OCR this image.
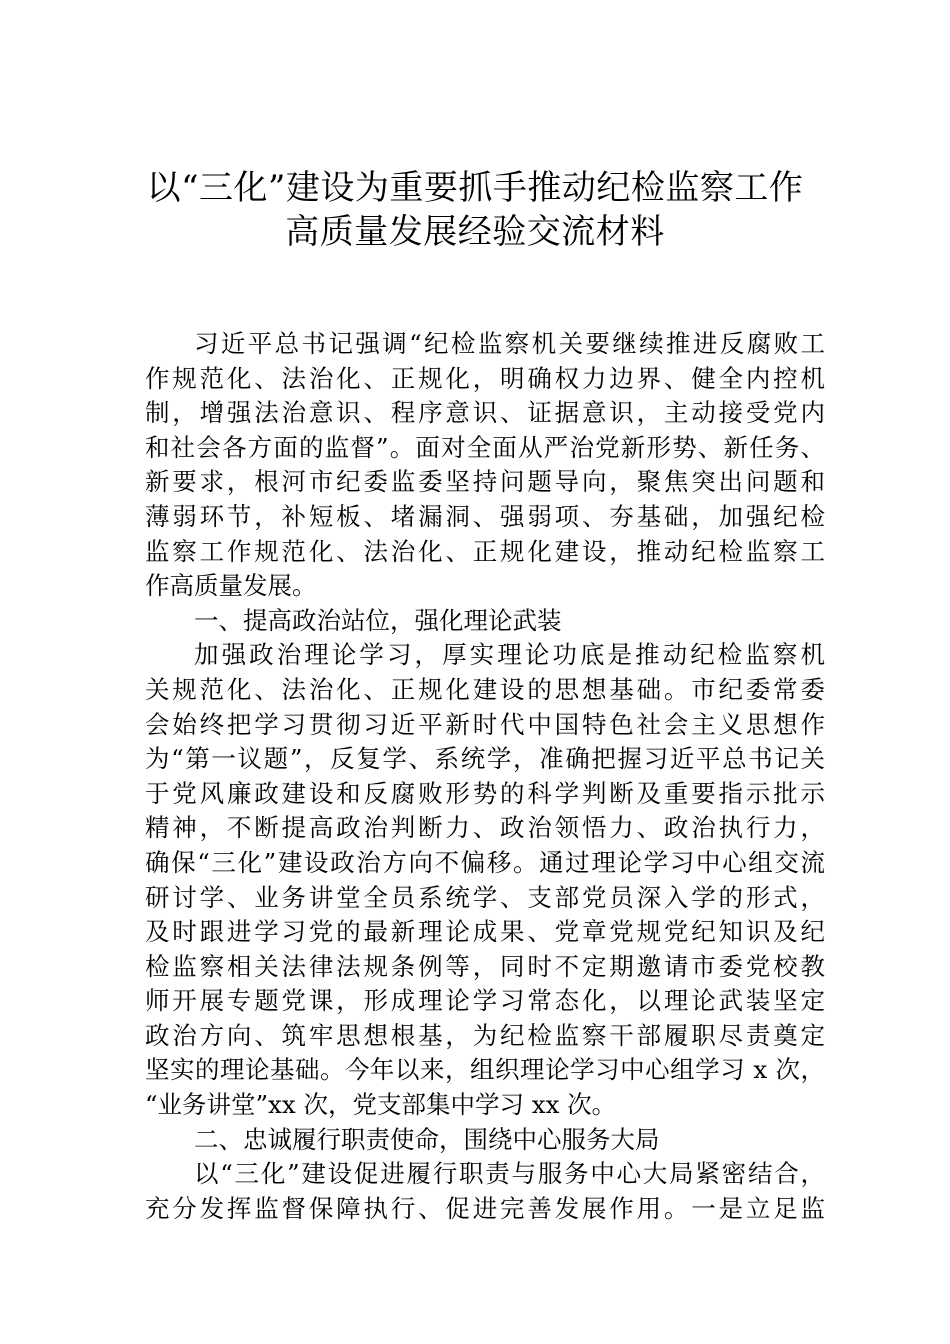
以“三化”建设为重要抓手推动纪检监察工作
高质量发展经验交流材料
习近平总书记强调“纪检监察机关要继续推进反腐败工
作规范化、法治化、正规化，明确权力边界、健全内控机
制，增强法治意识、程序意识、证据意识，主动接受党内
和社会各方面的监督”。面对全面从严治党新形势、新任务、
新要求，根河市纪委监委坚持问题导向，聚焦突出问题和
薄弱环节，补短板、堵漏洞、强弱项、夯基础，加强纪检
监察工作规范化、法治化、正规化建设，推动纪检监察工
作高质量发展。
一、提高政治站位，强化理论武装
加强政治理论学习，厚实理论功底是推动纪检监察机
关规范化、法治化、正规化建设的思想基础。市纪委常委
会始终把学习贯彻习近平新时代中国特色社会主义思想作
为“第一议题”，反复学、系统学，准确把握习近平总书记关
于党风廉政建设和反腐败形势的科学判断及重要指示批示
精神，不断提高政治判断力、政治领悟力、政治执行力，
确保“三化”建设政治方向不偏移。通过理论学习中心组交流
研讨学、业务讲堂全员系统学、支部党员深入学的形式，
及时跟进学习党的最新理论成果、党章党规党纪知识及纪
检监察相关法律法规条例等，同时不定期邀请市委党校教
师开展专题党课，形成理论学习常态化，以理论武装坚定
政治方向、筑牢思想根基，为纪检监察干部履职尽责奠定
坚实的理论基础。今年以来，组织理论学习中心组学习 x 次，
“业务讲堂”xx 次，党支部集中学习 xx 次。
二、忠诚履行职责使命，围绕中心服务大局
以“三化”建设促进履行职责与服务中心大局紧密结合，
充分发挥监督保障执行、促进完善发展作用。一是立足监
